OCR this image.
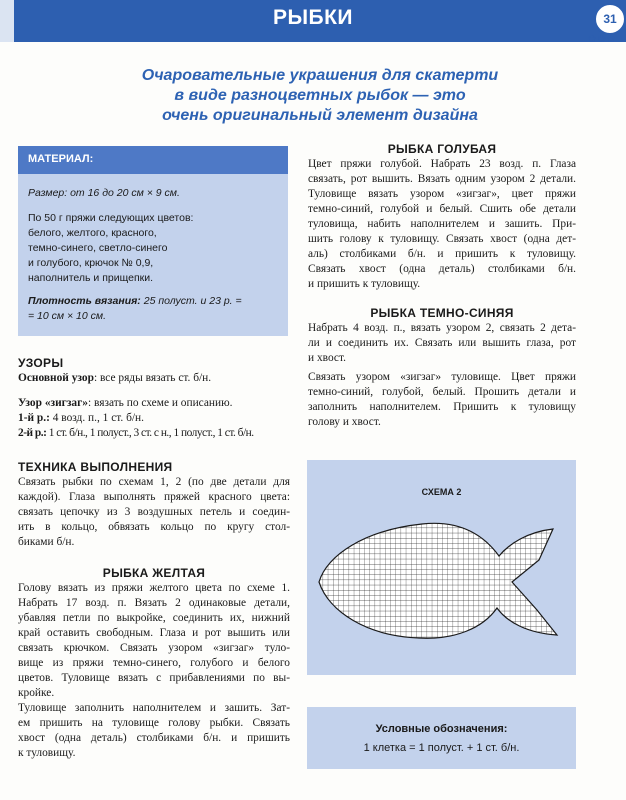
РЫБКИ	31
❀❀❀
Очаровательные украшения для скатерти
в виде разноцветных рыбок — это
очень оригинальный элемент дизайна
МАТЕРИАЛ:
Размер: от 16 до 20 см × 9 см.
По 50 г пряжи следующих цветов:
белого, желтого, красного,
темно-синего, светло-синего
и голубого, крючок № 0,9,
наполнитель и прищепки.
Плотность вязания: 25 полуст. и 23 р. =
= 10 см × 10 см.
УЗОРЫ
Основной узор: все ряды вязать ст. б/н.
Узор «зигзаг»: вязать по схеме и описанию.
1-й р.: 4 возд. п., 1 ст. б/н.
2-й р.: 1 ст. б/н., 1 полуст., 3 ст. с н., 1 полуст., 1 ст. б/н.
ТЕХНИКА ВЫПОЛНЕНИЯ
Связать рыбки по схемам 1, 2 (по две детали для
каждой). Глаза выполнять пряжей красного цвета:
связать цепочку из 3 воздушных петель и соедин-
ить в кольцо, обвязать кольцо по кругу стол-
биками б/н.
РЫБКА ЖЕЛТАЯ
Голову вязать из пряжи желтого цвета по схеме 1.
Набрать 17 возд. п. Вязать 2 одинаковые детали,
убавляя петли по выкройке, соединить их, нижний
край оставить свободным. Глаза и рот вышить или
связать крючком. Связать узором «зигзаг» туло-
вище из пряжи темно-синего, голубого и белого
цветов. Туловище вязать с прибавлениями по вы-
кройке.
Туловище заполнить наполнителем и зашить. Зат-
ем пришить на туловище голову рыбки. Связать
хвост (одна деталь) столбиками б/н. и пришить
к туловищу.
РЫБКА ГОЛУБАЯ
Цвет пряжи голубой. Набрать 23 возд. п. Глаза
связать, рот вышить. Вязать одним узором 2 детали.
Туловище вязать узором «зигзаг», цвет пряжи
темно-синий, голубой и белый. Сшить обе детали
туловища, набить наполнителем и зашить. При-
шить голову к туловищу. Связать хвост (одна дет-
аль) столбиками б/н. и пришить к туловищу.
Связать хвост (одна деталь) столбиками б/н.
и пришить к туловищу.
РЫБКА ТЕМНО-СИНЯЯ
Набрать 4 возд. п., вязать узором 2, связать 2 дета-
ли и соединить их. Связать или вышить глаза, рот
и хвост.
Связать узором «зигзаг» туловище. Цвет пряжи
темно-синий, голубой, белый. Прошить детали и
заполнить наполнителем. Пришить к туловищу
голову и хвост.
СХЕМА 2
Условные обозначения:
1 клетка = 1 полуст. + 1 ст. б/н.
